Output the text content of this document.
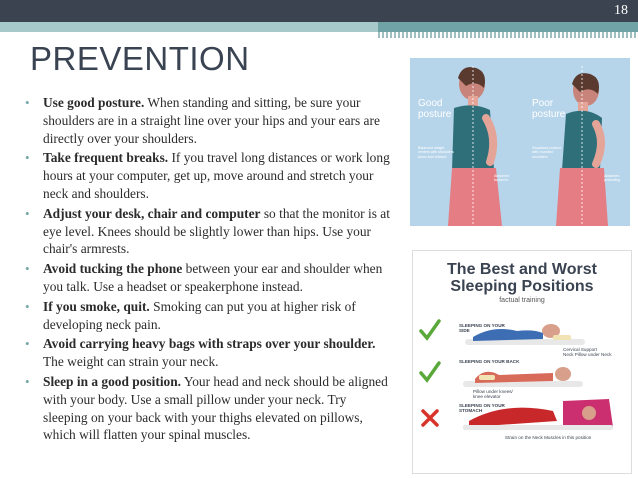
18
PREVENTION
• Use good posture. When standing and sitting, be sure your shoulders are in a straight line over your hips and your ears are directly over your shoulders.
• Take frequent breaks. If you travel long distances or work long hours at your computer, get up, move around and stretch your neck and shoulders.
• Adjust your desk, chair and computer so that the monitor is at eye level. Knees should be slightly lower than hips. Use your chair's armrests.
• Avoid tucking the phone between your ear and shoulder when you talk. Use a headset or speakerphone instead.
• If you smoke, quit. Smoking can put you at higher risk of developing neck pain.
• Avoid carrying heavy bags with straps over your shoulder. The weight can strain your neck.
• Sleep in a good position. Your head and neck should be aligned with your body. Use a small pillow under your neck. Try sleeping on your back with your thighs elevated on pillows, which will flatten your spinal muscles.
Good
posture
Poor
posture
Balanced weight centers with shoulders down and relaxed
Abdomen tucked in
Swayback posture with rounded shoulders
Abdomen protruding
The Best and Worst
Sleeping Positions
factual training
SLEEPING ON YOUR
SIDE
Cervical Support
Neck Pillow under Neck
SLEEPING ON YOUR BACK
Pillow under knees/
knee elevator
SLEEPING ON YOUR
STOMACH
Strain on the Neck Muscles in this position
